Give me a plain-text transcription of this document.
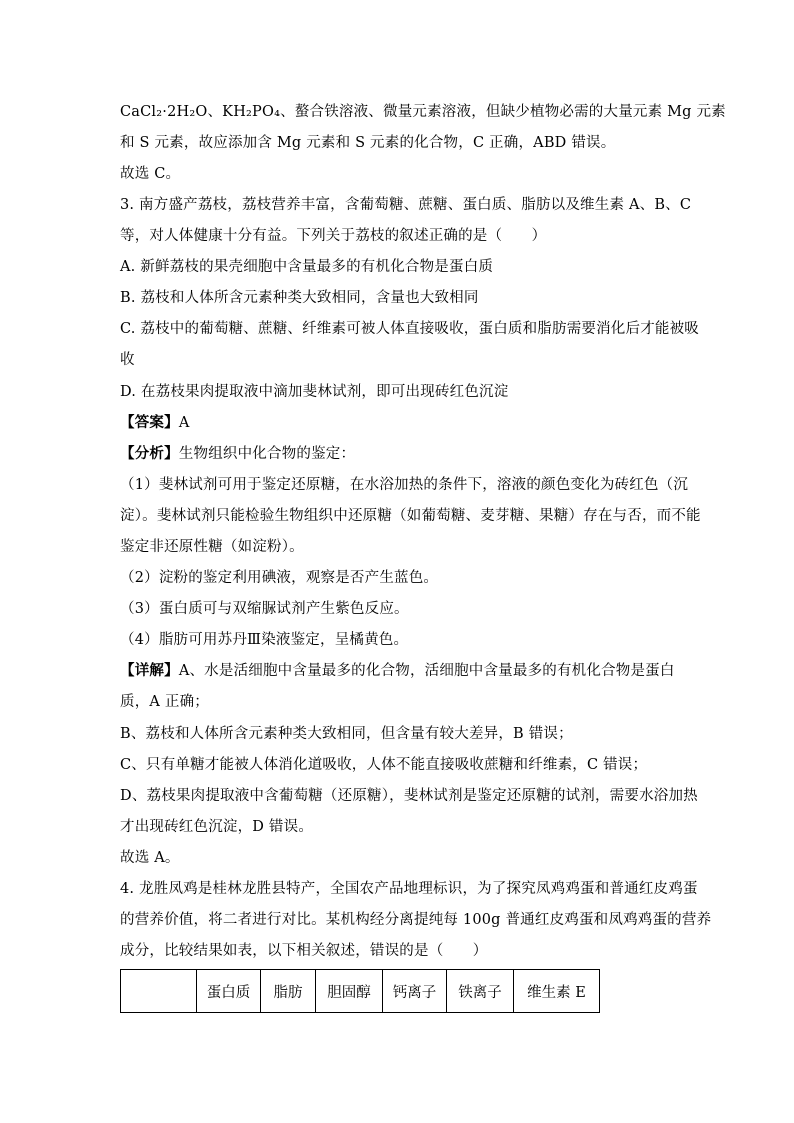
CaCl₂·2H₂O、KH₂PO₄、螯合铁溶液、微量元素溶液，但缺少植物必需的大量元素 Mg 元素
和 S 元素，故应添加含 Mg 元素和 S 元素的化合物，C 正确，ABD 错误。
故选 C。
3. 南方盛产荔枝，荔枝营养丰富，含葡萄糖、蔗糖、蛋白质、脂肪以及维生素 A、B、C
等，对人体健康十分有益。下列关于荔枝的叙述正确的是（　　）
A. 新鲜荔枝的果壳细胞中含量最多的有机化合物是蛋白质
B. 荔枝和人体所含元素种类大致相同，含量也大致相同
C. 荔枝中的葡萄糖、蔗糖、纤维素可被人体直接吸收，蛋白质和脂肪需要消化后才能被吸
收
D. 在荔枝果肉提取液中滴加斐林试剂，即可出现砖红色沉淀
【答案】A
【分析】生物组织中化合物的鉴定：
（1）斐林试剂可用于鉴定还原糖，在水浴加热的条件下，溶液的颜色变化为砖红色（沉
淀）。斐林试剂只能检验生物组织中还原糖（如葡萄糖、麦芽糖、果糖）存在与否，而不能
鉴定非还原性糖（如淀粉）。
（2）淀粉的鉴定利用碘液，观察是否产生蓝色。
（3）蛋白质可与双缩脲试剂产生紫色反应。
（4）脂肪可用苏丹Ⅲ染液鉴定，呈橘黄色。
【详解】A、水是活细胞中含量最多的化合物，活细胞中含量最多的有机化合物是蛋白
质，A 正确；
B、荔枝和人体所含元素种类大致相同，但含量有较大差异，B 错误；
C、只有单糖才能被人体消化道吸收，人体不能直接吸收蔗糖和纤维素，C 错误；
D、荔枝果肉提取液中含葡萄糖（还原糖），斐林试剂是鉴定还原糖的试剂，需要水浴加热
才出现砖红色沉淀，D 错误。
故选 A。
4. 龙胜凤鸡是桂林龙胜县特产，全国农产品地理标识，为了探究凤鸡鸡蛋和普通红皮鸡蛋
的营养价值，将二者进行对比。某机构经分离提纯每 100g 普通红皮鸡蛋和凤鸡鸡蛋的营养
成分，比较结果如表，以下相关叙述，错误的是（　　）
	蛋白质	脂肪	胆固醇	钙离子	铁离子	维生素 E
